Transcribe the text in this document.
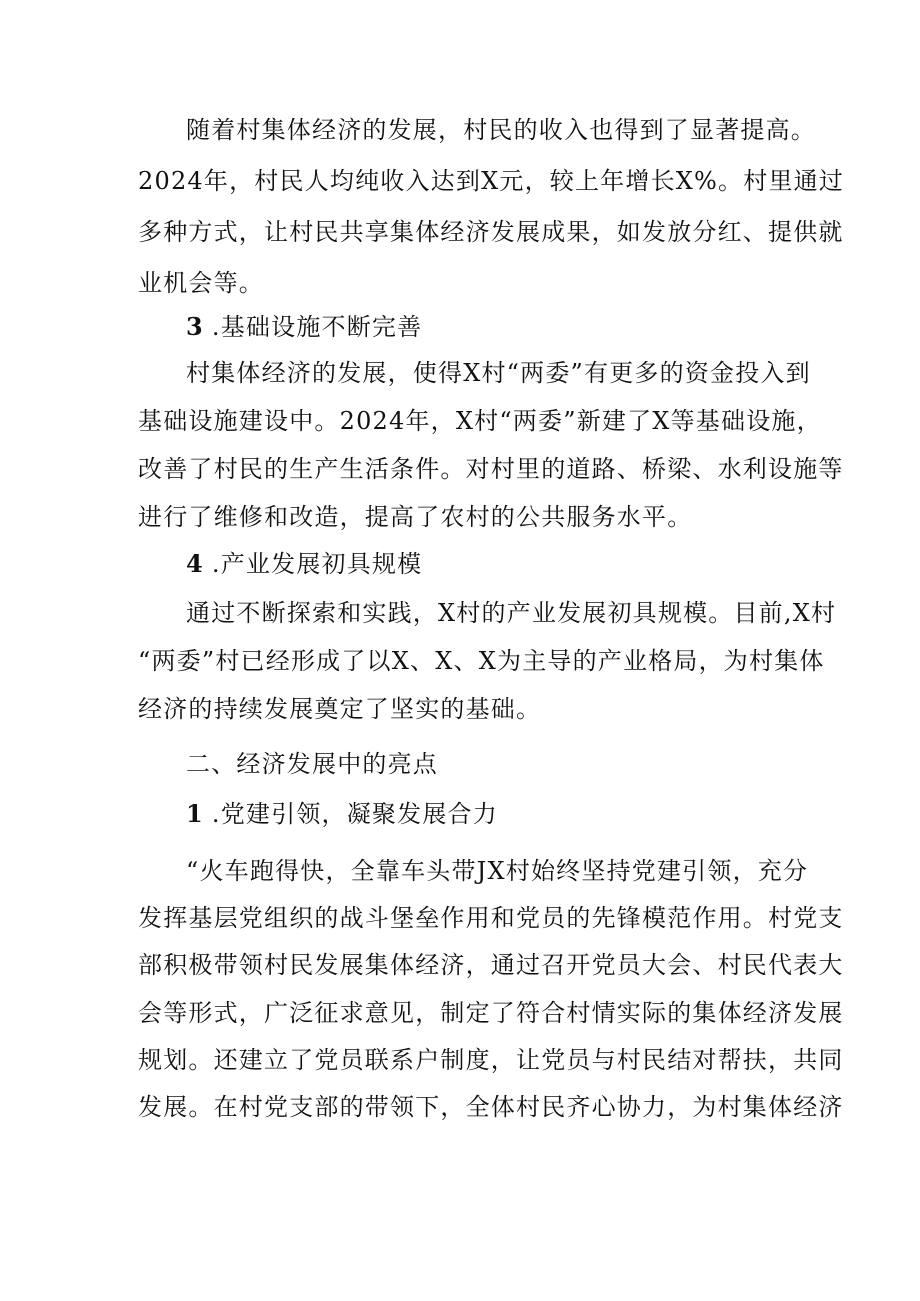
随着村集体经济的发展，村民的收入也得到了显著提高。
2024年，村民人均纯收入达到X元，较上年增长X%。村里通过
多种方式，让村民共享集体经济发展成果，如发放分红、提供就
业机会等。
3 .基础设施不断完善
村集体经济的发展，使得X村“两委”有更多的资金投入到
基础设施建设中。2024年，X村“两委”新建了X等基础设施，
改善了村民的生产生活条件。对村里的道路、桥梁、水利设施等
进行了维修和改造，提高了农村的公共服务水平。
4 .产业发展初具规模
通过不断探索和实践，X村的产业发展初具规模。目前,X村
“两委”村已经形成了以X、X、X为主导的产业格局，为村集体
经济的持续发展奠定了坚实的基础。
二、经济发展中的亮点
1 .党建引领，凝聚发展合力
“火车跑得快，全靠车头带JX村始终坚持党建引领，充分
发挥基层党组织的战斗堡垒作用和党员的先锋模范作用。村党支
部积极带领村民发展集体经济，通过召开党员大会、村民代表大
会等形式，广泛征求意见，制定了符合村情实际的集体经济发展
规划。还建立了党员联系户制度，让党员与村民结对帮扶，共同
发展。在村党支部的带领下，全体村民齐心协力，为村集体经济
